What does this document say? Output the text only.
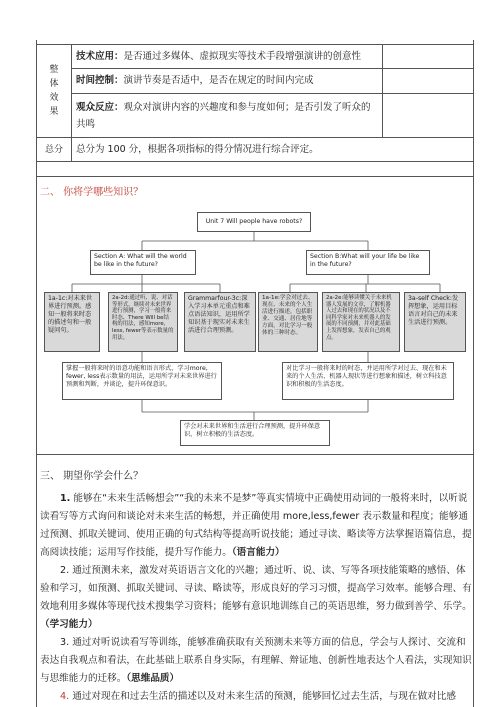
整体效果	技术应用：是否通过多媒体、虚拟现实等技术手段增强演讲的创意性	
	时间控制：演讲节奏是否适中，是否在规定的时间内完成	
	观众反应：观众对演讲内容的兴趣度和参与度如何；是否引发了听众的共鸣	
总分	总分为 100 分，根据各项指标的得分情况进行综合评定。	
二、 你将学哪些知识？
Unit 7 Will people have robots?
Section A: What will the world be like in the future?
Section B:What will your life be like in the future?
1a-1c:对未来世界进行预测。感知一般将来时态的描述句和一般疑问句。
2a-2d:通过听、说、对话等形式，继续对未来世界进行预测，学习一般将来时态、There Will be结构的用法，感知more, less, fewer等表示数量的用法。
Grammarfour-3c:深入学习本单元重点和难点语法知识，运用所学知识基于现实对未来生活进行合理预测。
1a-1e:学会对过去、现在、未来的个人生活进行描述，包括职业、交通、居住地等方面。对比学习一般体的三种时态。
2a-2e:能够读懂关于未来机器人发展的文章，了解机器人过去和现在的状况以及不同科学家对未来机器人的发展的不同预测，并对此基础上发挥想象，发表自己的观点。
3a-self Check:发挥想象，运用目标语言对自己的未来生活进行预测。
掌握一般将来时的语意功能和语言形式，学习more, fewer, less表示数量的用法，运用所学对未来世界进行预测和判断，并谈论，提升环保意识。
对比学习一般将来时的时态，并运用所学对过去、现在和未来的个人生活、机器人现状等进行想象和描述，树立科技意识和积极的生活态度。
学会对未来世界和生活进行合理预测，提升环保意识，树立积极的生活态度。
三、 期望你学会什么？

1. 能够在“未来生活畅想会”“我的未来不是梦”等真实情境中正确使用动词的一般将来时，以听说读看写等方式询问和谈论对未来生活的畅想，并正确使用 more,less,fewer 表示数量和程度；能够通过预测、抓取关键词、使用正确的句式结构等提高听说技能；通过寻读、略读等方法掌握语篇信息，提高阅读技能；运用写作技能，提升写作能力。（语言能力）

2. 通过预测未来，激发对英语语言文化的兴趣；通过听、说、读、写等各项技能策略的感悟、体验和学习，如预测、抓取关键词、寻读、略读等，形成良好的学习习惯，提高学习效率。能够合理、有效地利用多媒体等现代技术搜集学习资料；能够有意识地训练自己的英语思维，努力做到善学、乐学。（学习能力）

3. 通过对听说读看写等训练，能够准确获取有关预测未来等方面的信息，学会与人探讨、交流和表达自我观点和看法，在此基础上联系自身实际，有理解、辩证地、创新性地表达个人看法，实现知识与思维能力的迁移。（思维品质）

4. 通过对现在和过去生活的描述以及对未来生活的预测，能够回忆过去生活，与现在做对比感
